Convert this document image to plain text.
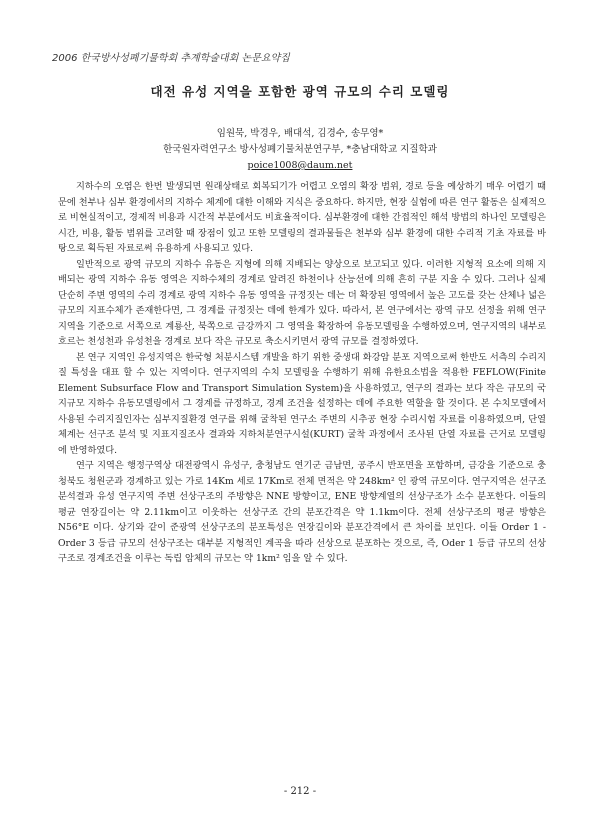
2006 한국방사성폐기물학회 추계학술대회 논문요약집
대전 유성 지역을 포함한 광역 규모의 수리 모델링
임원묵, 박경우, 배대석, 김경수, 송무영*
한국원자력연구소 방사성폐기물처분연구부, *충남대학교 지질학과
poice1008@daum.net

지하수의 오염은 한번 발생되면 원래상태로 회복되기가 어렵고 오염의 확장 범위, 경로 등을 예상하기 매우 어렵기 때문에 천부나 심부 환경에서의 지하수 체계에 대한 이해와 지식은 중요하다. 하지만, 현장 실험에 따른 연구 활동은 실제적으로 비현실적이고, 경제적 비용과 시간적 부분에서도 비효율적이다. 심부환경에 대한 간접적인 해석 방법의 하나인 모델링은 시간, 비용, 활동 범위를 고려할 때 장점이 있고 또한 모델링의 결과물들은 천부와 심부 환경에 대한 수리적 기초 자료를 바탕으로 획득된 자료로써 유용하게 사용되고 있다.

일반적으로 광역 규모의 지하수 유동은 지형에 의해 지배되는 양상으로 보고되고 있다. 이러한 지형적 요소에 의해 지배되는 광역 지하수 유동 영역은 지하수체의 경계로 알려진 하천이나 산능선에 의해 흔히 구분 지을 수 있다. 그러나 실제 단순히 주변 영역의 수리 경계로 광역 지하수 유동 영역을 규정짓는 데는 더 확장된 영역에서 높은 고도를 갖는 산체나 넓은 규모의 지표수체가 존재한다면, 그 경계를 규정짓는 데에 한계가 있다. 따라서, 본 연구에서는 광역 규모 선정을 위해 연구지역을 기준으로 서쪽으로 계룡산, 북쪽으로 금강까지 그 영역을 확장하여 유동모델링을 수행하였으며, 연구지역의 내부로 흐르는 천성천과 유성천을 경계로 보다 작은 규모로 축소시키면서 광역 규모를 결정하였다.

본 연구 지역인 유성지역은 한국형 처분시스템 개발을 하기 위한 중생대 화강암 분포 지역으로써 한반도 서측의 수리지질 특성을 대표 할 수 있는 지역이다. 연구지역의 수치 모델링을 수행하기 위해 유한요소법을 적용한 FEFLOW(Finite Element Subsurface Flow and Transport Simulation System)을 사용하였고, 연구의 결과는 보다 작은 규모의 국지규모 지하수 유동모델링에서 그 경계를 규정하고, 경계 조건을 설정하는 데에 주요한 역할을 할 것이다. 본 수치모델에서 사용된 수리지질인자는 심부지질환경 연구를 위해 굴착된 연구소 주변의 시추공 현장 수리시험 자료를 이용하였으며, 단열체계는 선구조 분석 및 지표지질조사 결과와 지하처분연구시설(KURT) 굴착 과정에서 조사된 단열 자료를 근거로 모델링에 반영하였다.

연구 지역은 행정구역상 대전광역시 유성구, 충청남도 연기군 금남면, 공주시 반포면을 포함하며, 금강을 기준으로 충청북도 청원군과 경계하고 있는 가로 14Km 세로 17Km로 전체 면적은 약 248km² 인 광역 규모이다. 연구지역은 선구조 분석결과 유성 연구지역 주변 선상구조의 주방향은 NNE 방향이고, ENE 방향계열의 선상구조가 소수 분포한다. 이들의 평균 연장길이는 약 2.11km이고 이웃하는 선상구조 간의 분포간격은 약 1.1km이다. 전체 선상구조의 평균 방향은 N56°E 이다. 상기와 같이 준광역 선상구조의 분포특성은 연장길이와 분포간격에서 큰 차이를 보인다. 이들 Order 1 - Order 3 등급 규모의 선상구조는 대부분 지형적인 계곡을 따라 선상으로 분포하는 것으로, 즉, Oder 1 등급 규모의 선상구조로 경계조건을 이루는 독립 암체의 규모는 약 1km² 임을 알 수 있다.

- 212 -
